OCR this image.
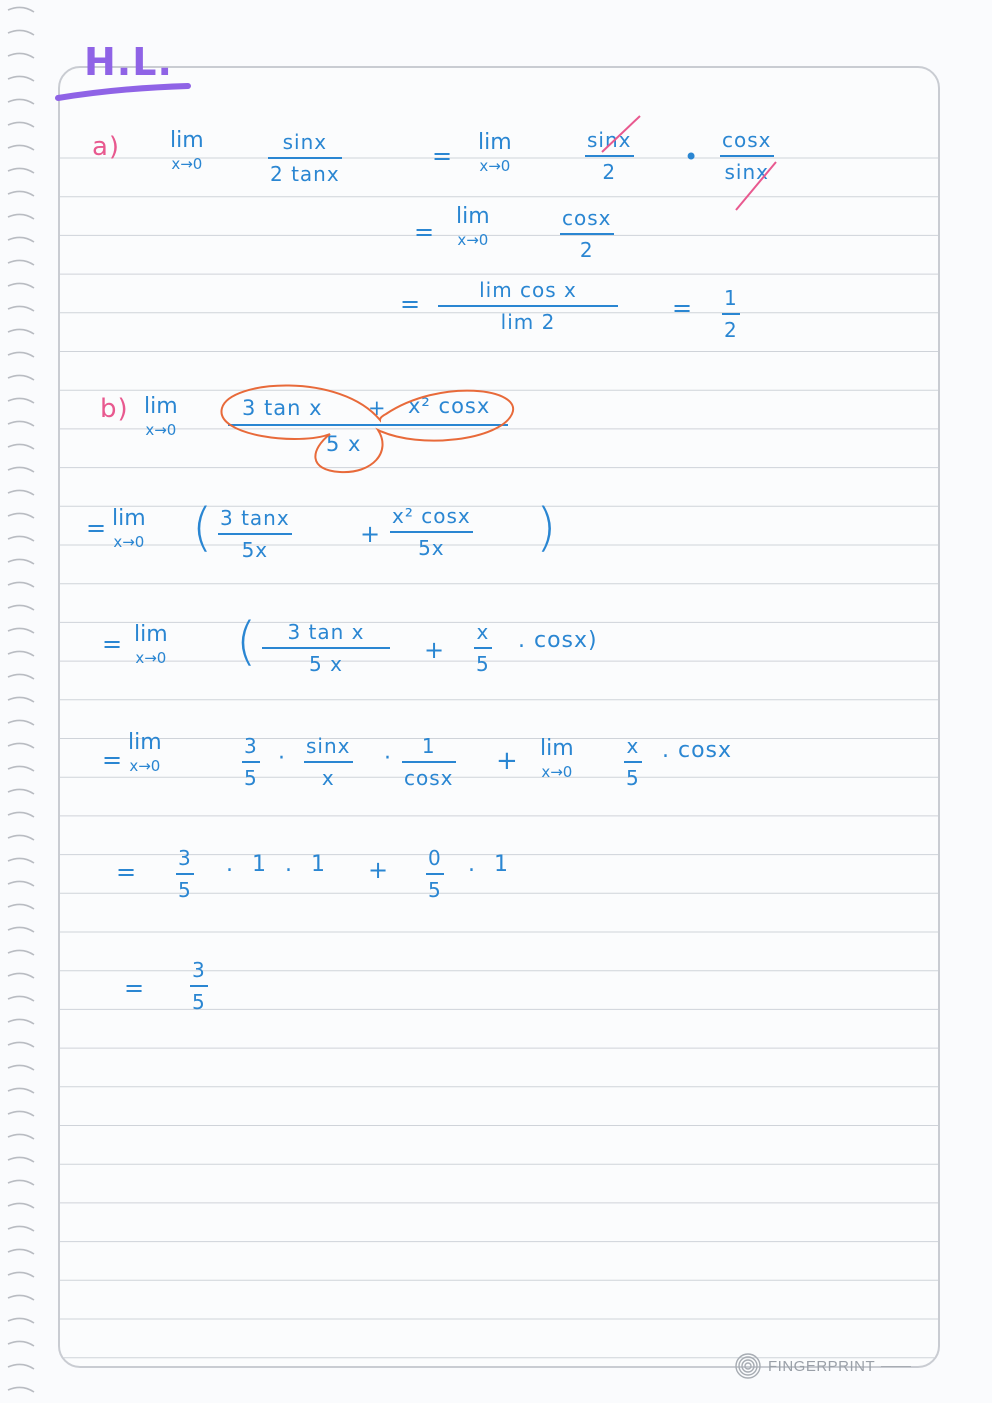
H.L.
a) lim
x→0
sinx
2 tanx
= lim
x→0
sinx
2
•
cosx
sinx
=
lim
x→0
cosx
2
=	lim cos x
lim 2	= 1
2
b) lim
x→0
3 tan x + x² cosx
5 x
= lim
x→0 ( 3 tanx
5x
+
x² cosx
5x )
= lim
x→0 ( 3 tan x
5 x	+
x
5
. cosx)
=
lim
x→0
3
5
· sinx
x
· 1
cosx
+ lim
x→0
x
5
. cosx
= 3
5
. 1 . 1 + 0
5
. 1
=
3
5
FINGERPRINT
